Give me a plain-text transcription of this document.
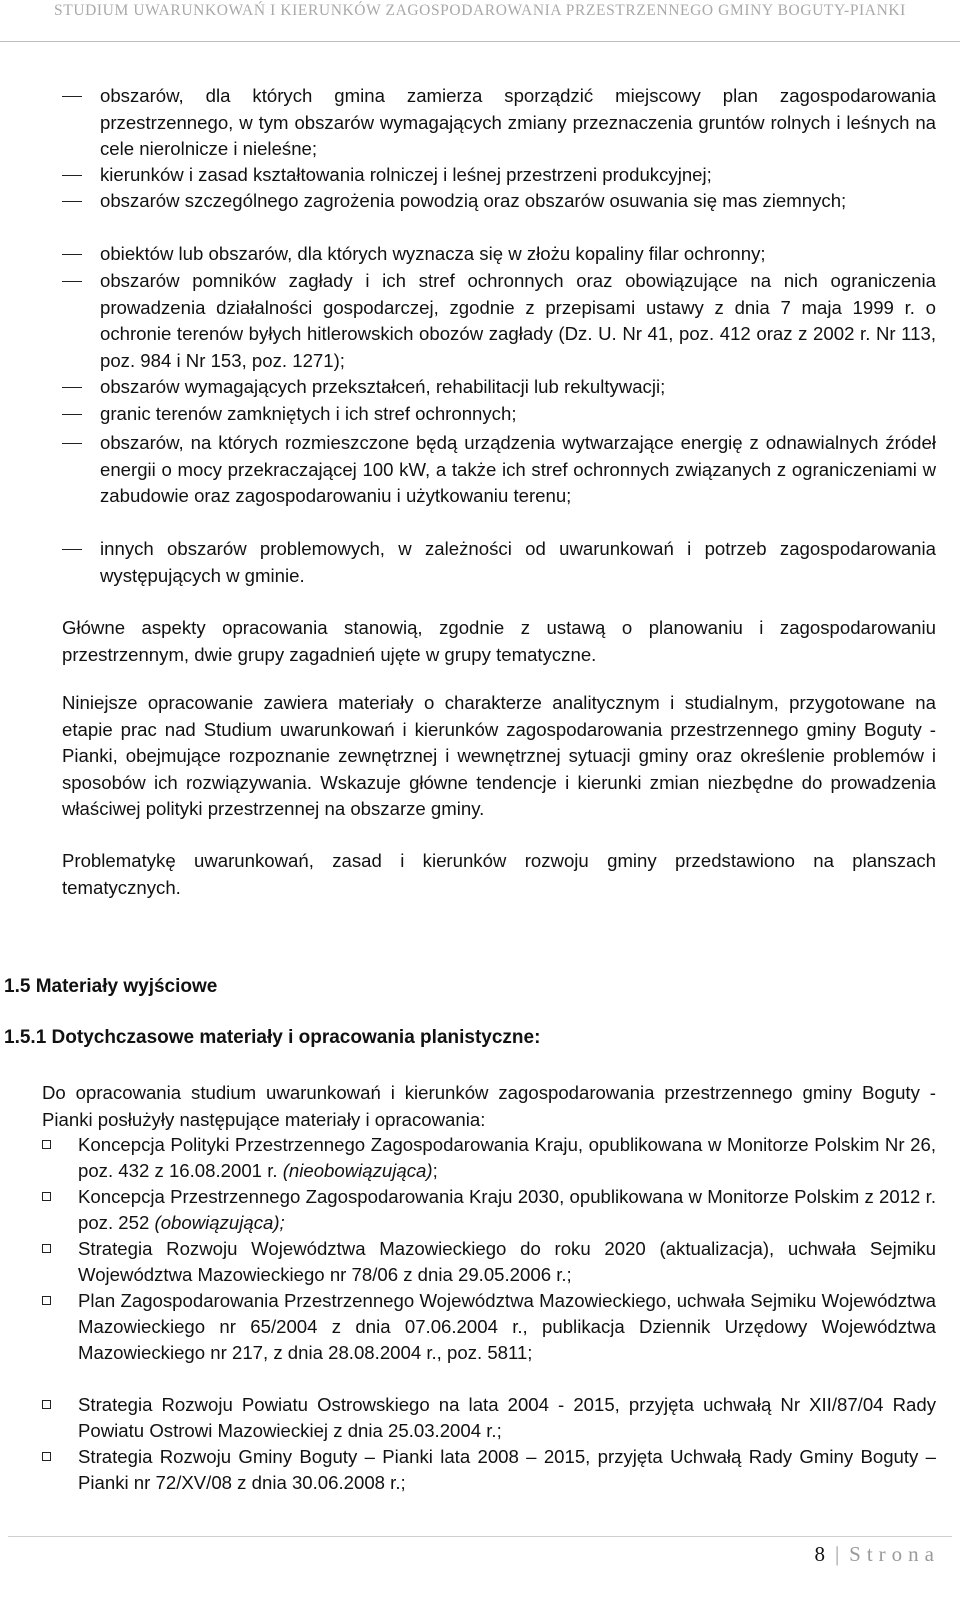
STUDIUM UWARUNKOWAŃ I KIERUNKÓW ZAGOSPODAROWANIA PRZESTRZENNEGO GMINY BOGUTY-PIANKI
obszarów, dla których gmina zamierza sporządzić miejscowy plan zagospodarowania przestrzennego, w tym obszarów wymagających zmiany przeznaczenia gruntów rolnych i leśnych na cele nierolnicze i nieleśne;
kierunków i zasad kształtowania rolniczej i leśnej przestrzeni produkcyjnej;
obszarów szczególnego zagrożenia powodzią oraz obszarów osuwania się mas ziemnych;
obiektów lub obszarów, dla których wyznacza się w złożu kopaliny filar ochronny;
obszarów pomników zagłady i ich stref ochronnych oraz obowiązujące na nich ograniczenia prowadzenia działalności gospodarczej, zgodnie z przepisami ustawy z dnia 7 maja 1999 r. o ochronie terenów byłych hitlerowskich obozów zagłady (Dz. U. Nr 41, poz. 412 oraz z 2002 r. Nr 113, poz. 984 i Nr 153, poz. 1271);
obszarów wymagających przekształceń, rehabilitacji lub rekultywacji;
granic terenów zamkniętych i ich stref ochronnych;
obszarów, na których rozmieszczone będą urządzenia wytwarzające energię z odnawialnych źródeł energii o mocy przekraczającej 100 kW, a także ich stref ochronnych związanych z ograniczeniami w zabudowie oraz zagospodarowaniu i użytkowaniu terenu;
innych obszarów problemowych, w zależności od uwarunkowań i potrzeb zagospodarowania występujących w gminie.

Główne aspekty opracowania stanowią, zgodnie z ustawą o planowaniu i zagospodarowaniu przestrzennym, dwie grupy zagadnień ujęte w grupy tematyczne.

Niniejsze opracowanie zawiera materiały o charakterze analitycznym i studialnym, przygotowane na etapie prac nad Studium uwarunkowań i kierunków zagospodarowania przestrzennego gminy Boguty - Pianki, obejmujące rozpoznanie zewnętrznej i wewnętrznej sytuacji gminy oraz określenie problemów i sposobów ich rozwiązywania. Wskazuje główne tendencje i kierunki zmian niezbędne do prowadzenia właściwej polityki przestrzennej na obszarze gminy.

Problematykę uwarunkowań, zasad i kierunków rozwoju gminy przedstawiono na planszach tematycznych.

1.5 Materiały wyjściowe
1.5.1 Dotychczasowe materiały i opracowania planistyczne:

Do opracowania studium uwarunkowań i kierunków zagospodarowania przestrzennego gminy Boguty - Pianki posłużyły następujące materiały i opracowania:

Koncepcja Polityki Przestrzennego Zagospodarowania Kraju, opublikowana w Monitorze Polskim Nr 26, poz. 432 z 16.08.2001 r. (nieobowiązująca);
Koncepcja Przestrzennego Zagospodarowania Kraju 2030, opublikowana w Monitorze Polskim z 2012 r. poz. 252 (obowiązująca);
Strategia Rozwoju Województwa Mazowieckiego do roku 2020 (aktualizacja), uchwała Sejmiku Województwa Mazowieckiego nr 78/06 z dnia 29.05.2006 r.;
Plan Zagospodarowania Przestrzennego Województwa Mazowieckiego, uchwała Sejmiku Województwa Mazowieckiego nr 65/2004 z dnia 07.06.2004 r., publikacja Dziennik Urzędowy Województwa Mazowieckiego nr 217, z dnia 28.08.2004 r., poz. 5811;
Strategia Rozwoju Powiatu Ostrowskiego na lata 2004 - 2015, przyjęta uchwałą Nr XII/87/04 Rady Powiatu Ostrowi Mazowieckiej z dnia 25.03.2004 r.;
Strategia Rozwoju Gminy Boguty – Pianki lata 2008 – 2015, przyjęta Uchwałą Rady Gminy Boguty – Pianki nr 72/XV/08 z dnia 30.06.2008 r.;
8 | Strona
